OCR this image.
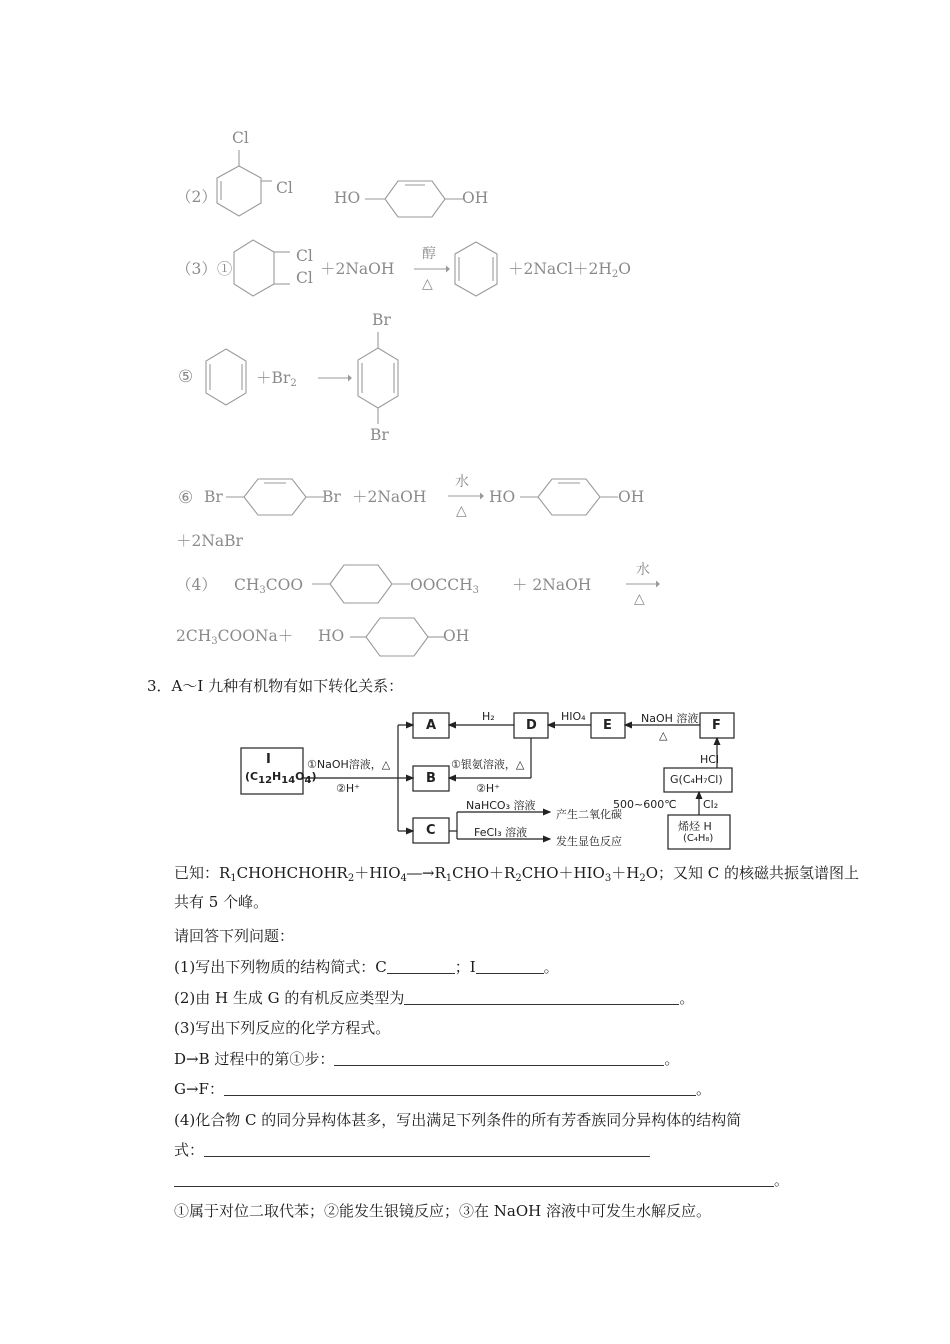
Cl
（2）	Cl
HO	OH
（3）①
Cl
Cl ＋2NaOH
醇
△
$+2NaCl+2H_2O$
Br
⑤	$+Br_2$ →
Br
⑥ Br	Br ＋2NaOH
水
△
HO	OH
＋2NaBr
（4） $CH_3COO$	$OOCCH_3$ ＋ 2NaOH
水
△
$2CH_3COONa+$ HO	OH
3．A～I 九种有机物有如下转化关系：
I
$(C_{12}H_{14}O_4)$
①NaOH溶液，△
②H⁺
A
B
C
D	E	F
H₂	HIO₄	NaOH 溶液
△
①银氨溶液，△
②H⁺
NaHCO₃ 溶液
产生二氧化碳
FeCl₃ 溶液
发生显色反应
HCl
G(C₄H₇Cl)
500~600℃ Cl₂
烯烃 H
(C₄H₈)
已知：$R_1CHOHCHOHR_2+HIO_4―\to R_1CHO+R_2CHO+HIO_3+H_2O$；又知 C 的核磁共振氢谱图上
共有 5 个峰。
请回答下列问题：
(1)写出下列物质的结构简式：C	；I	。
(2)由 H 生成 G 的有机反应类型为	。
(3)写出下列反应的化学方程式。
D→B 过程中的第①步：	。
G→F：	。
(4)化合物 C 的同分异构体甚多，写出满足下列条件的所有芳香族同分异构体的结构简
式：
。
①属于对位二取代苯；②能发生银镜反应；③在 NaOH 溶液中可发生水解反应。
